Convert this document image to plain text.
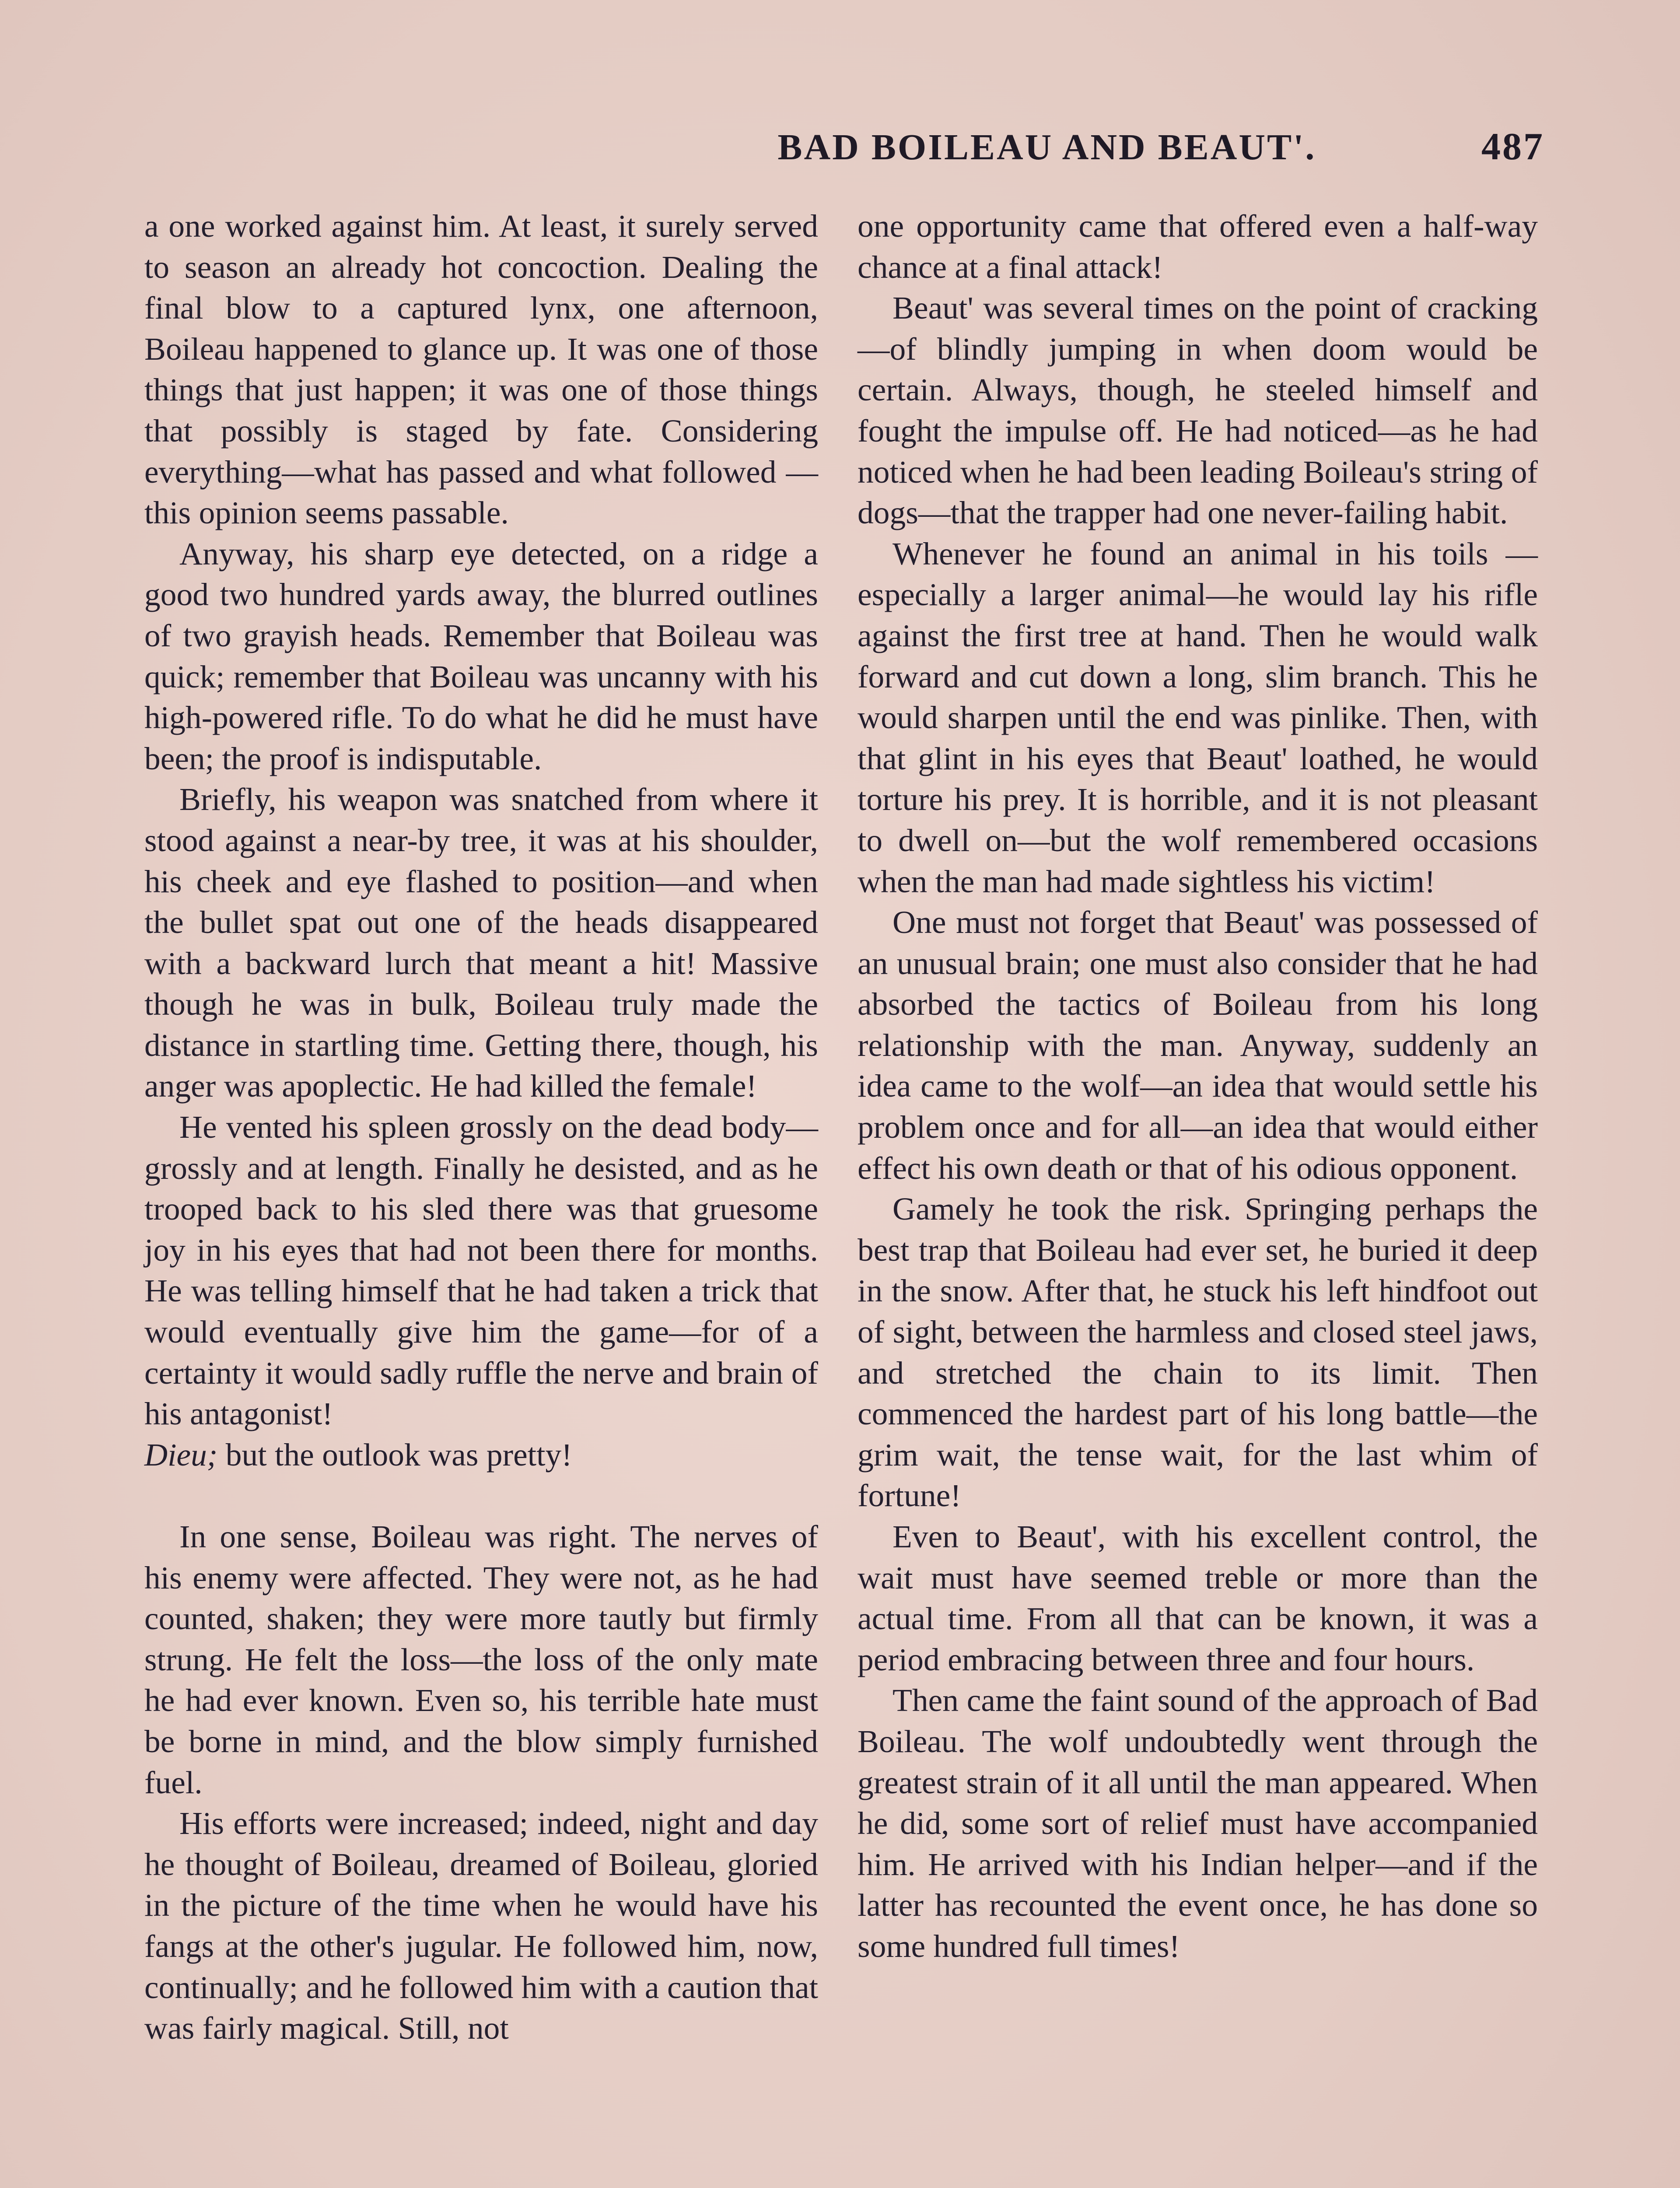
BAD BOILEAU AND BEAUT'.	487

a one worked against him. At least, it surely served to season an already hot concoction. Dealing the final blow to a captured lynx, one afternoon, Boileau happened to glance up. It was one of those things that just happen; it was one of those things that possibly is staged by fate. Considering everything—what has passed and what followed — this opinion seems passable.

Anyway, his sharp eye detected, on a ridge a good two hundred yards away, the blurred outlines of two grayish heads. Remember that Boileau was quick; remember that Boileau was uncanny with his high-powered rifle. To do what he did he must have been; the proof is indisputable.

Briefly, his weapon was snatched from where it stood against a near-by tree, it was at his shoulder, his cheek and eye flashed to position—and when the bullet spat out one of the heads disappeared with a backward lurch that meant a hit! Massive though he was in bulk, Boileau truly made the distance in startling time. Getting there, though, his anger was apoplectic. He had killed the female!

He vented his spleen grossly on the dead body—grossly and at length. Finally he desisted, and as he trooped back to his sled there was that gruesome joy in his eyes that had not been there for months. He was telling himself that he had taken a trick that would eventually give him the game—for of a certainty it would sadly ruffle the nerve and brain of his antagonist!

Dieu; but the outlook was pretty!

In one sense, Boileau was right. The nerves of his enemy were affected. They were not, as he had counted, shaken; they were more tautly but firmly strung. He felt the loss—the loss of the only mate he had ever known. Even so, his terrible hate must be borne in mind, and the blow simply furnished fuel.

His efforts were increased; indeed, night and day he thought of Boileau, dreamed of Boileau, gloried in the picture of the time when he would have his fangs at the other's jugular. He followed him, now, continually; and he followed him with a caution that was fairly magical. Still, not

one opportunity came that offered even a half-way chance at a final attack!

Beaut' was several times on the point of cracking—of blindly jumping in when doom would be certain. Always, though, he steeled himself and fought the impulse off. He had noticed—as he had noticed when he had been leading Boileau's string of dogs—that the trapper had one never-failing habit.

Whenever he found an animal in his toils —especially a larger animal—he would lay his rifle against the first tree at hand. Then he would walk forward and cut down a long, slim branch. This he would sharpen until the end was pinlike. Then, with that glint in his eyes that Beaut' loathed, he would torture his prey. It is horrible, and it is not pleasant to dwell on—but the wolf remembered occasions when the man had made sightless his victim!

One must not forget that Beaut' was possessed of an unusual brain; one must also consider that he had absorbed the tactics of Boileau from his long relationship with the man. Anyway, suddenly an idea came to the wolf—an idea that would settle his problem once and for all—an idea that would either effect his own death or that of his odious opponent.

Gamely he took the risk. Springing perhaps the best trap that Boileau had ever set, he buried it deep in the snow. After that, he stuck his left hindfoot out of sight, between the harmless and closed steel jaws, and stretched the chain to its limit. Then commenced the hardest part of his long battle—the grim wait, the tense wait, for the last whim of fortune!

Even to Beaut', with his excellent control, the wait must have seemed treble or more than the actual time. From all that can be known, it was a period embracing between three and four hours.

Then came the faint sound of the approach of Bad Boileau. The wolf undoubtedly went through the greatest strain of it all until the man appeared. When he did, some sort of relief must have accompanied him. He arrived with his Indian helper—and if the latter has recounted the event once, he has done so some hundred full times!
